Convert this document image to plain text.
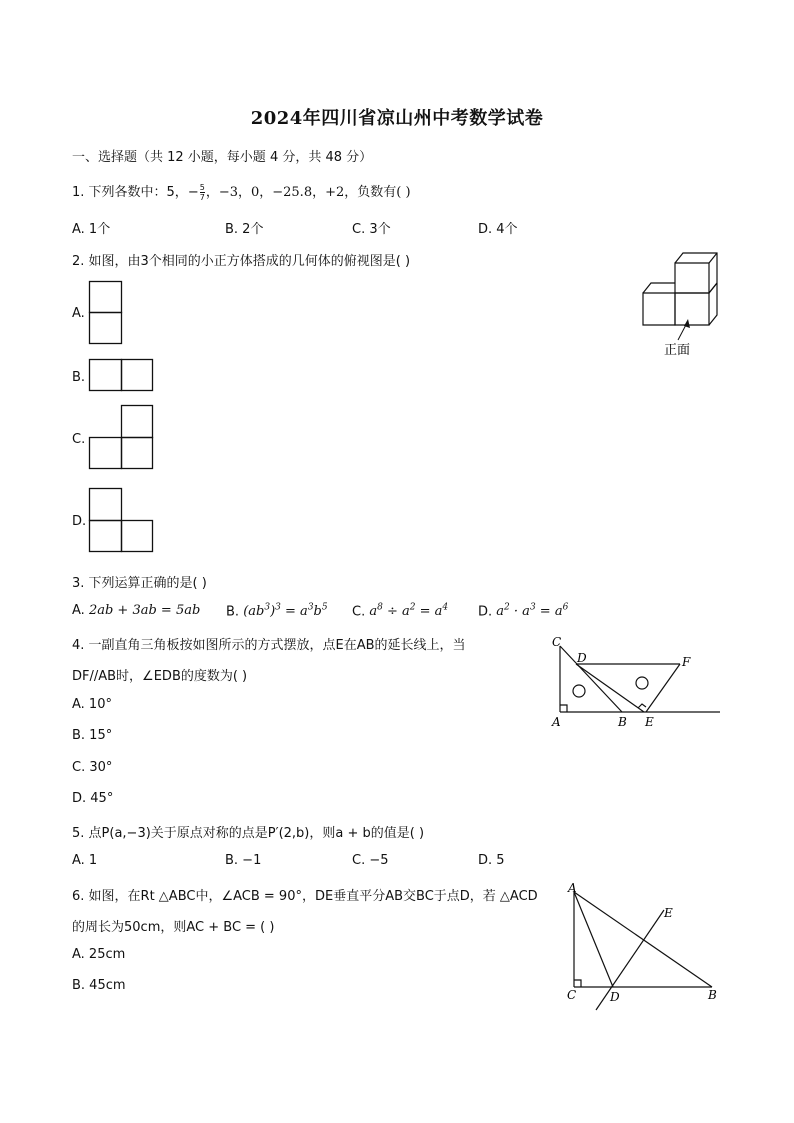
2024年四川省凉山州中考数学试卷
一、选择题（共 12 小题，每小题 4 分，共 48 分）
1. 下列各数中：5，− $\frac{5}{7}$ ，−3，0，−25.8，+2，负数有( )
A. 1个	B. 2个	C. 3个	D. 4个
2. 如图，由3个相同的小正方体搭成的几何体的俯视图是( )
A.
B.
C.
D.
正面
3. 下列运算正确的是( )
A. 2ab + 3ab = 5ab B. $(ab^3)^3 = a^3b^5$ C. $a^8 \div a^2 = a^4$ D. $a^2 \cdot a^3 = a^6$
4. 一副直角三角板按如图所示的方式摆放，点E在AB的延长线上，当
DF//AB时，∠EDB的度数为( )
A. 10°
B. 15°
C. 30°
D. 45°
C
D	F
A	B E
5. 点P(a,−3)关于原点对称的点是P′(2,b)，则a + b的值是( )
A. 1	B. −1	C. −5	D. 5
6. 如图，在Rt △ABC中，∠ACB = 90°，DE垂直平分AB交BC于点D，若 △ACD
的周长为50cm，则AC + BC = ( )
A. 25cm
B. 45cm
A
E
C	D	B
